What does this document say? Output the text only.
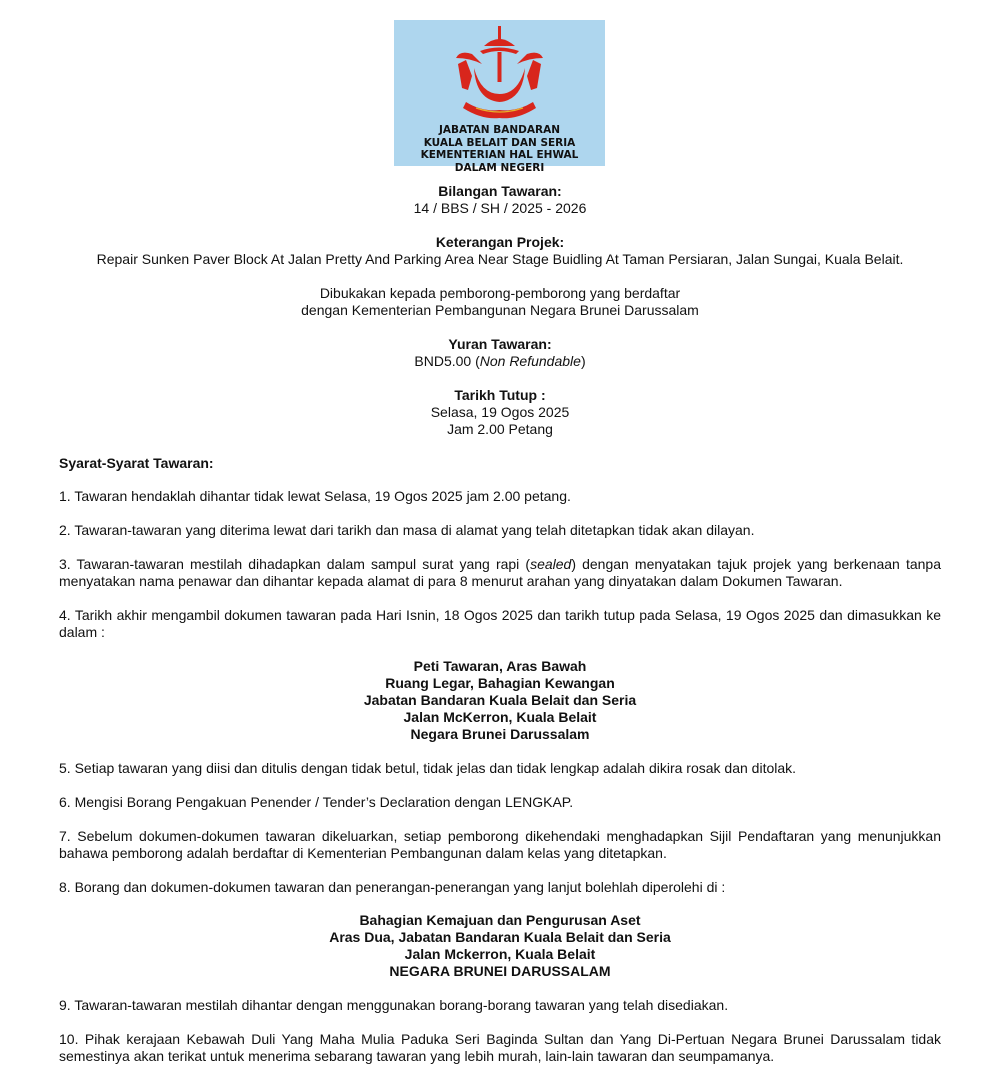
JABATAN BANDARAN
KUALA BELAIT DAN SERIA
KEMENTERIAN HAL EHWAL
DALAM NEGERI
Bilangan Tawaran:
14 / BBS / SH / 2025 - 2026
Keterangan Projek:
Repair Sunken Paver Block At Jalan Pretty And Parking Area Near Stage Buidling At Taman Persiaran, Jalan Sungai, Kuala Belait.
Dibukakan kepada pemborong-pemborong yang berdaftar
dengan Kementerian Pembangunan Negara Brunei Darussalam
Yuran Tawaran:
BND5.00 (Non Refundable)
Tarikh Tutup :
Selasa, 19 Ogos 2025
Jam 2.00 Petang
Syarat-Syarat Tawaran:
1. Tawaran hendaklah dihantar tidak lewat Selasa, 19 Ogos 2025 jam 2.00 petang.
2. Tawaran-tawaran yang diterima lewat dari tarikh dan masa di alamat yang telah ditetapkan tidak akan dilayan.
3. Tawaran-tawaran mestilah dihadapkan dalam sampul surat yang rapi (sealed) dengan menyatakan tajuk projek yang berkenaan tanpa menyatakan nama penawar dan dihantar kepada alamat di para 8 menurut arahan yang dinyatakan dalam Dokumen Tawaran.
4. Tarikh akhir mengambil dokumen tawaran pada Hari Isnin, 18 Ogos 2025 dan tarikh tutup pada Selasa, 19 Ogos 2025 dan dimasukkan ke dalam :
Peti Tawaran, Aras Bawah
Ruang Legar, Bahagian Kewangan
Jabatan Bandaran Kuala Belait dan Seria
Jalan McKerron, Kuala Belait
Negara Brunei Darussalam
5. Setiap tawaran yang diisi dan ditulis dengan tidak betul, tidak jelas dan tidak lengkap adalah dikira rosak dan ditolak.
6. Mengisi Borang Pengakuan Penender / Tender’s Declaration dengan LENGKAP.
7. Sebelum dokumen-dokumen tawaran dikeluarkan, setiap pemborong dikehendaki menghadapkan Sijil Pendaftaran yang menunjukkan bahawa pemborong adalah berdaftar di Kementerian Pembangunan dalam kelas yang ditetapkan.
8. Borang dan dokumen-dokumen tawaran dan penerangan-penerangan yang lanjut bolehlah diperolehi di :
Bahagian Kemajuan dan Pengurusan Aset
Aras Dua, Jabatan Bandaran Kuala Belait dan Seria
Jalan Mckerron, Kuala Belait
NEGARA BRUNEI DARUSSALAM
9. Tawaran-tawaran mestilah dihantar dengan menggunakan borang-borang tawaran yang telah disediakan.
10. Pihak kerajaan Kebawah Duli Yang Maha Mulia Paduka Seri Baginda Sultan dan Yang Di-Pertuan Negara Brunei Darussalam tidak semestinya akan terikat untuk menerima sebarang tawaran yang lebih murah, lain-lain tawaran dan seumpamanya.
